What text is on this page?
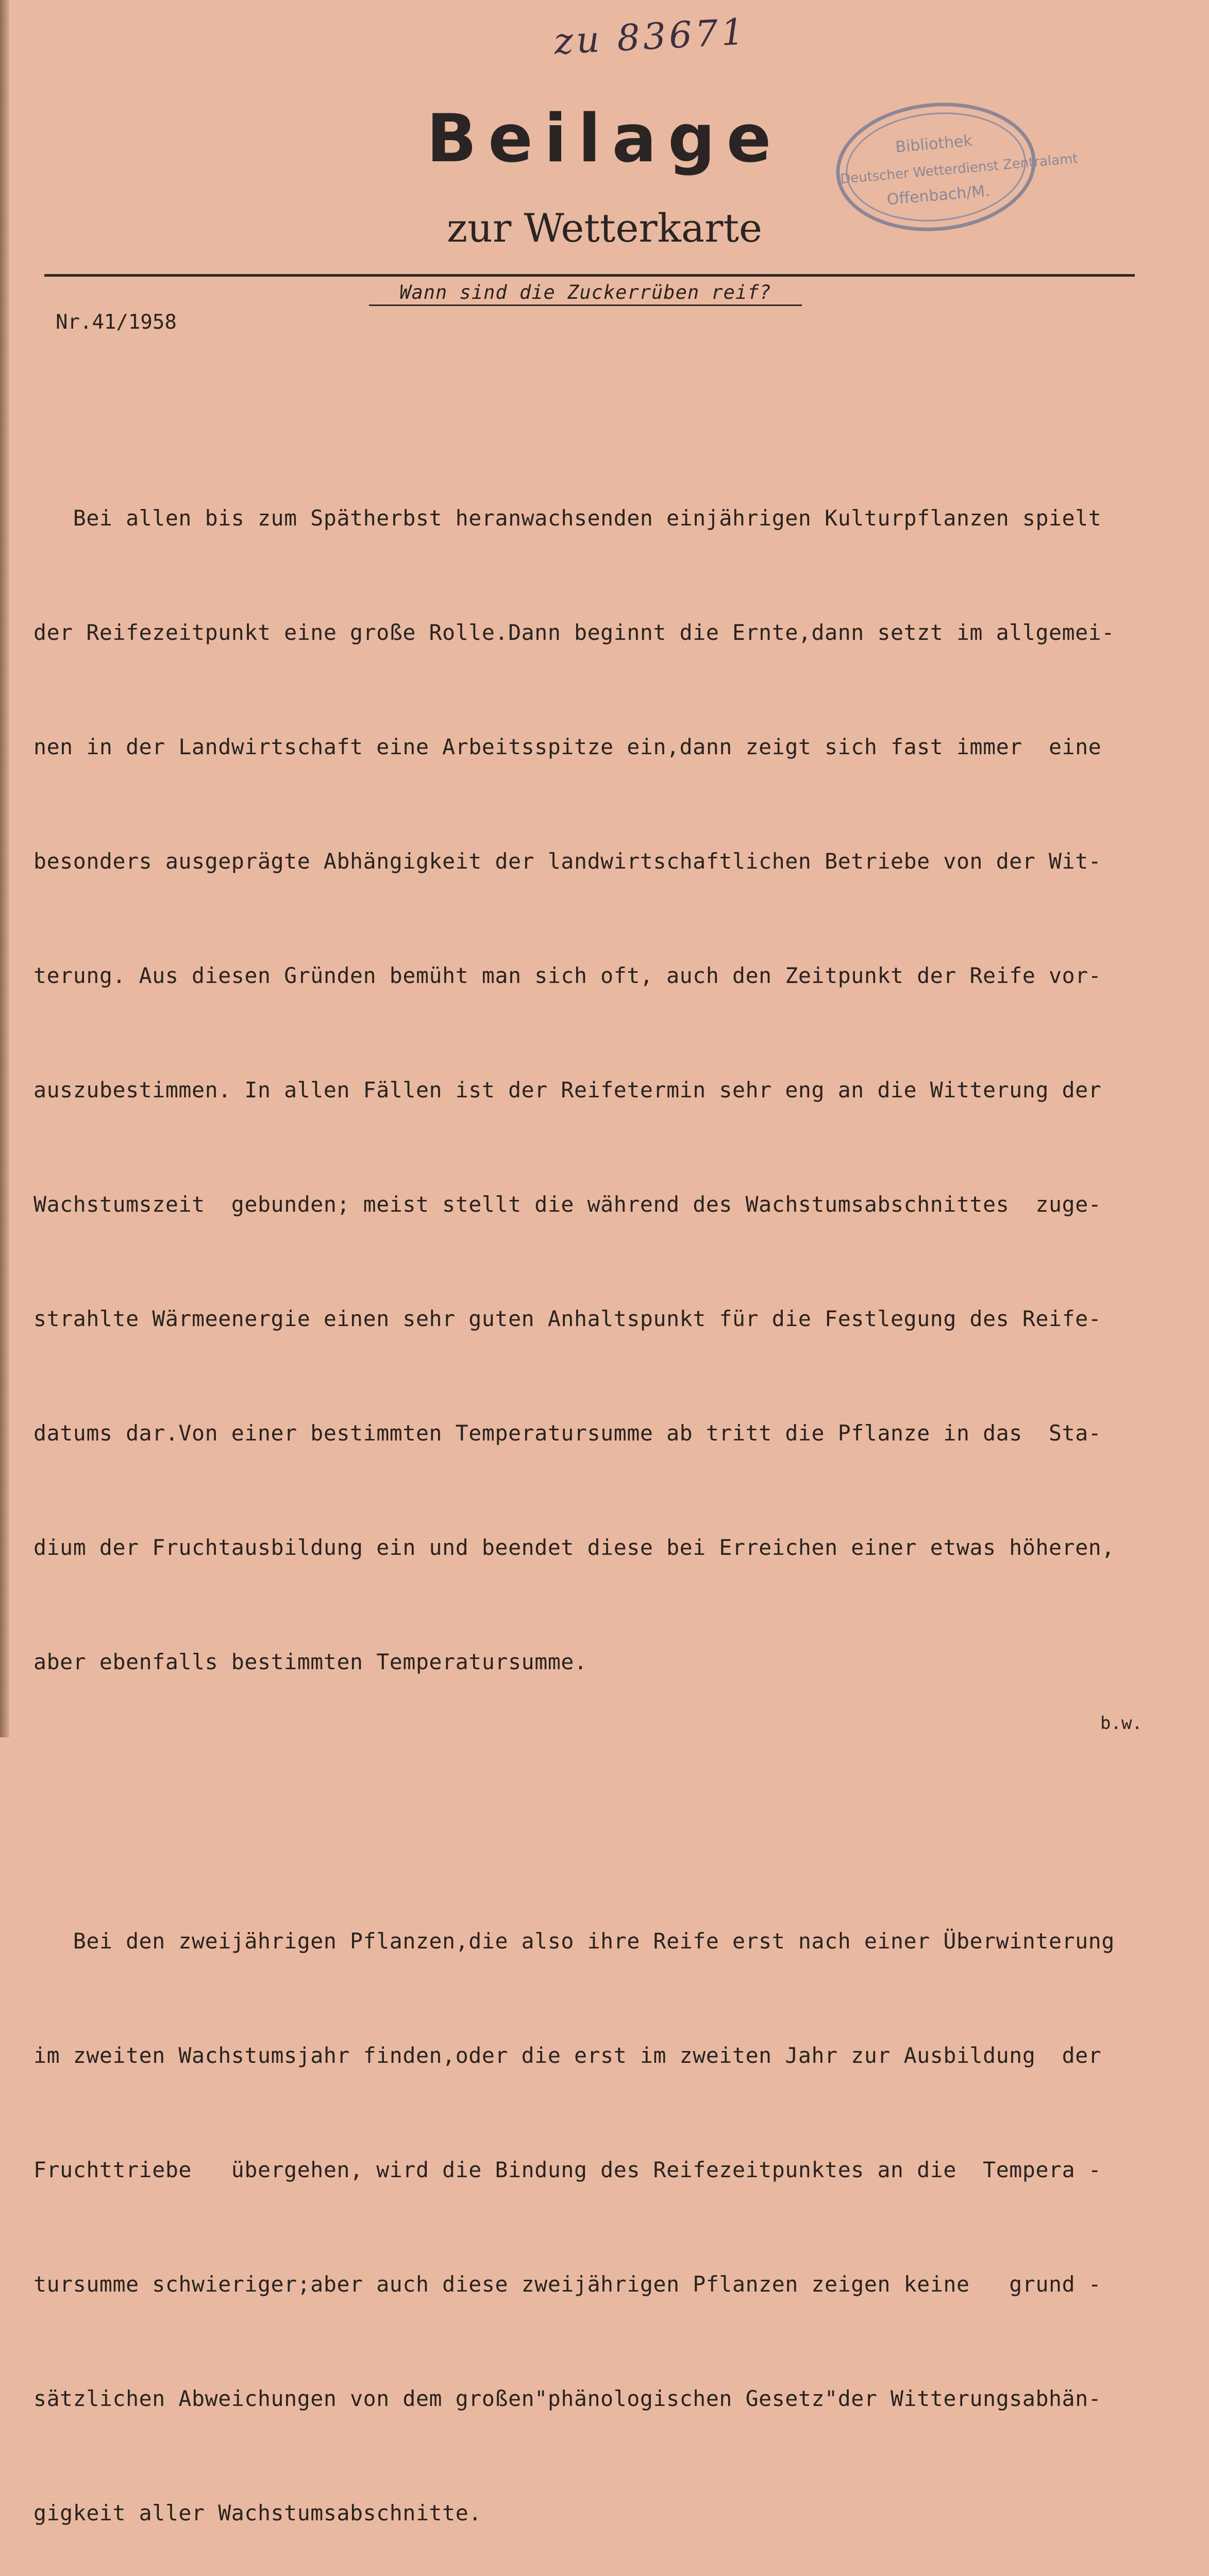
zu 83671
Beilage
zur Wetterkarte
Bibliothek
Deutscher Wetterdienst Zentralamt
Offenbach/M.
Wann sind die Zuckerrüben reif?
Nr.41/1958

Bei allen bis zum Spätherbst heranwachsenden einjährigen Kulturpflanzen spielt

der Reifezeitpunkt eine große Rolle.Dann beginnt die Ernte,dann setzt im allgemei-

nen in der Landwirtschaft eine Arbeitsspitze ein,dann zeigt sich fast immer  eine

besonders ausgeprägte Abhängigkeit der landwirtschaftlichen Betriebe von der Wit-

terung. Aus diesen Gründen bemüht man sich oft, auch den Zeitpunkt der Reife vor-

auszubestimmen. In allen Fällen ist der Reifetermin sehr eng an die Witterung der

Wachstumszeit  gebunden; meist stellt die während des Wachstumsabschnittes  zuge-

strahlte Wärmeenergie einen sehr guten Anhaltspunkt für die Festlegung des Reife-

datums dar.Von einer bestimmten Temperatursumme ab tritt die Pflanze in das  Sta-

dium der Fruchtausbildung ein und beendet diese bei Erreichen einer etwas höheren,

aber ebenfalls bestimmten Temperatursumme.

Bei den zweijährigen Pflanzen,die also ihre Reife erst nach einer Überwinterung

im zweiten Wachstumsjahr finden,oder die erst im zweiten Jahr zur Ausbildung  der

Fruchttriebe   übergehen, wird die Bindung des Reifezeitpunktes an die  Tempera -

tursumme schwieriger;aber auch diese zweijährigen Pflanzen zeigen keine   grund -

sätzlichen Abweichungen von dem großen"phänologischen Gesetz"der Witterungsabhän-

gigkeit aller Wachstumsabschnitte.

b.w.
